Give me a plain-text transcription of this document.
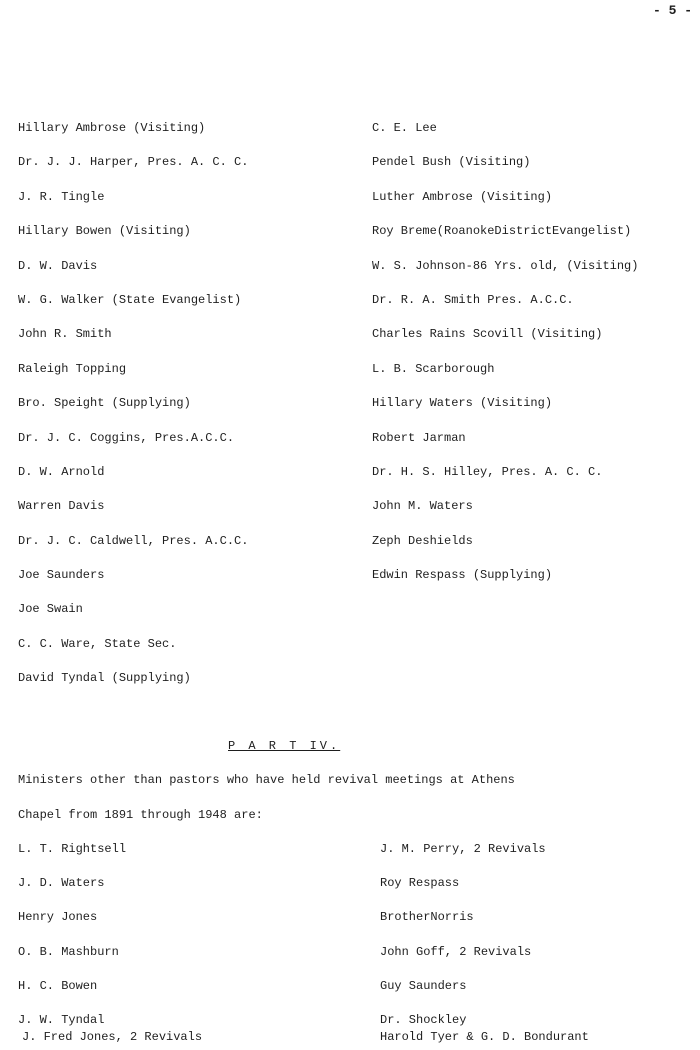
- 5 -
Hillary Ambrose (Visiting)
Dr. J. J. Harper, Pres. A. C. C.
J. R. Tingle
Hillary Bowen (Visiting)
D. W. Davis
W. G. Walker (State Evangelist)
John R. Smith
Raleigh Topping
Bro. Speight (Supplying)
Dr. J. C. Coggins, Pres.A.C.C.
D. W. Arnold
Warren Davis
Dr. J. C. Caldwell, Pres. A.C.C.
Joe Saunders
Joe Swain
C. C. Ware, State Sec.
David Tyndal (Supplying)
C. E. Lee
Pendel Bush (Visiting)
Luther Ambrose (Visiting)
Roy Breme(RoanokeDistrictEvangelist)
W. S. Johnson-86 Yrs. old, (Visiting)
Dr. R. A. Smith Pres. A.C.C.
Charles Rains Scovill (Visiting)
L. B. Scarborough
Hillary Waters (Visiting)
Robert Jarman
Dr. H. S. Hilley, Pres. A. C. C.
John M. Waters
Zeph Deshields
Edwin Respass (Supplying)
P A R T IV.
Ministers other than pastors who have held revival meetings at Athens
Chapel from 1891 through 1948 are:
L. T. Rightsell
J. D. Waters
Henry Jones
O. B. Mashburn
H. C. Bowen
J. W. Tyndal
J. M. Perry, 2 Revivals
Roy Respass
BrotherNorris
John Goff, 2 Revivals
Guy Saunders
Dr. Shockley
J. Fred Jones, 2 Revivals	Harold Tyer & G. D. Bondurant
